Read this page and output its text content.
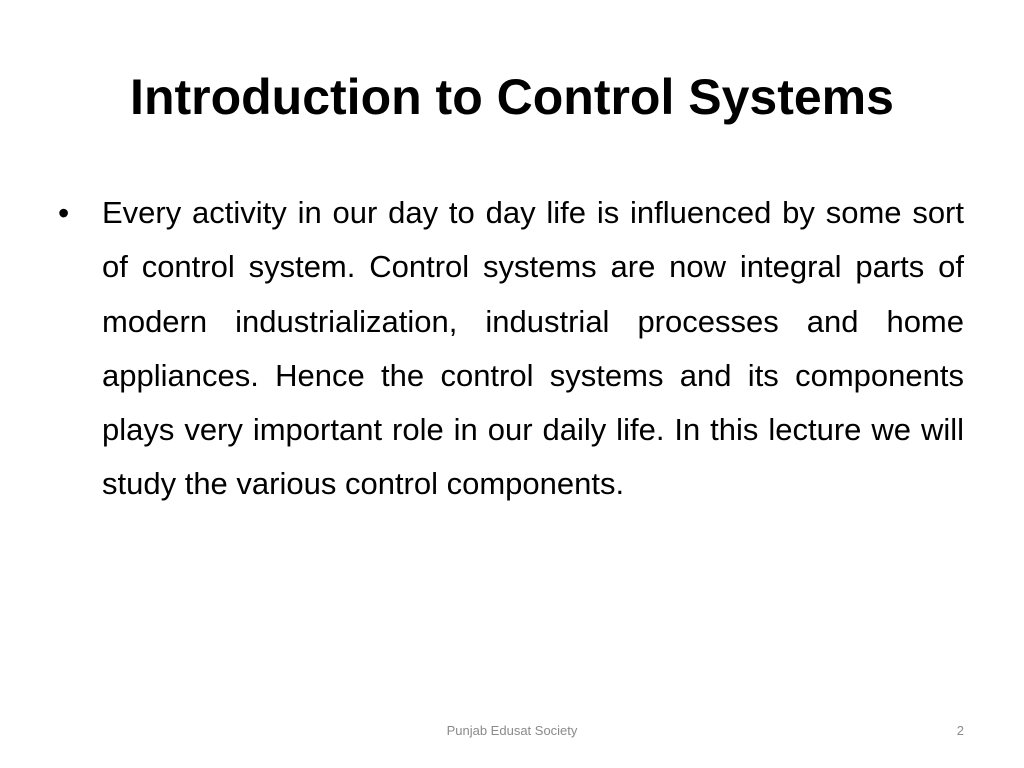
Introduction to Control Systems
•	Every activity in our day to day life is influenced by some sort of control system. Control systems are now integral parts of modern industrialization, industrial processes and home appliances. Hence the control systems and its components plays very important role in our daily life. In this lecture we will study the various control components.

Punjab Edusat Society	2
